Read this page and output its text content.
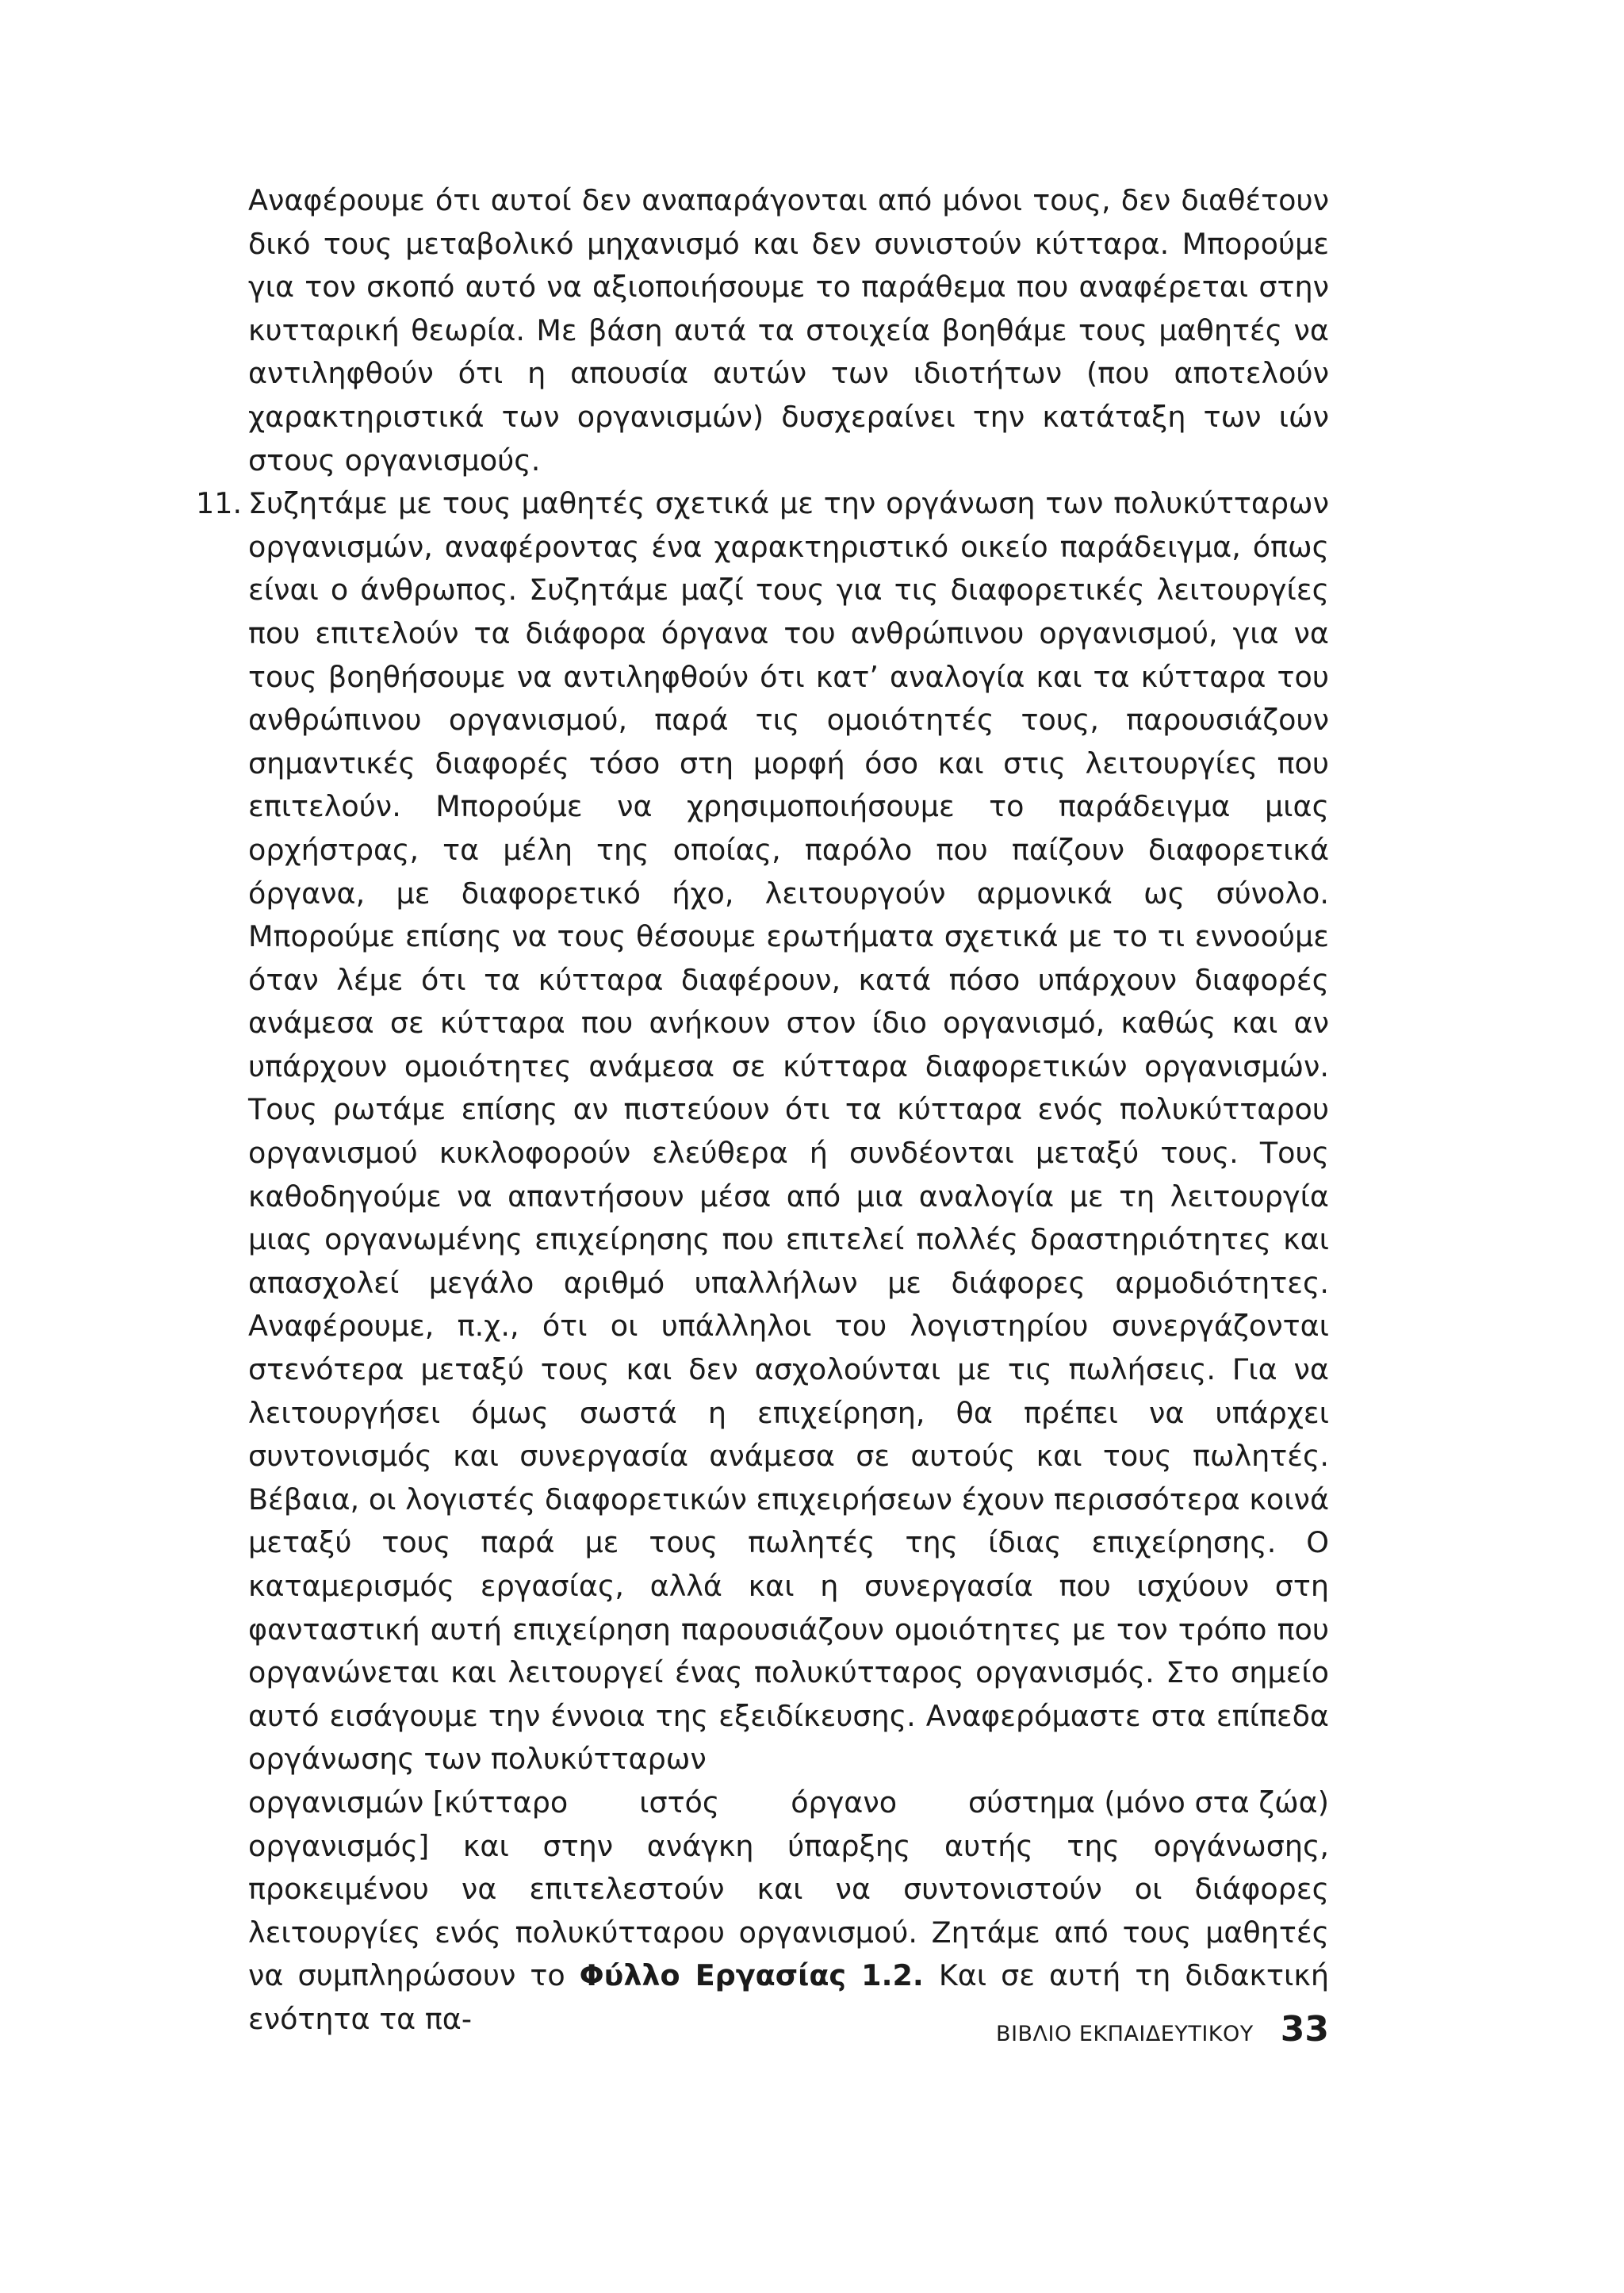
Αναφέρουμε ότι αυτοί δεν αναπαράγονται από μόνοι τους, δεν διαθέτουν δικό τους μεταβολικό μηχανισμό και δεν συνιστούν κύτταρα. Μπορούμε για τον σκοπό αυτό να αξιοποιήσουμε το παράθεμα που αναφέρεται στην κυτταρική θεωρία. Με βάση αυτά τα στοιχεία βοηθάμε τους μαθητές να αντιληφθούν ότι η απουσία αυτών των ιδιοτήτων (που αποτελούν χαρακτηριστικά των οργανισμών) δυσχεραίνει την κατάταξη των ιών στους οργανισμούς.

11. Συζητάμε με τους μαθητές σχετικά με την οργάνωση των πολυκύτταρων οργανισμών, αναφέροντας ένα χαρακτηριστικό οικείο παράδειγμα, όπως είναι ο άνθρωπος. Συζητάμε μαζί τους για τις διαφορετικές λειτουργίες που επιτελούν τα διάφορα όργανα του ανθρώπινου οργανισμού, για να τους βοηθήσουμε να αντιληφθούν ότι κατ’ αναλογία και τα κύτταρα του ανθρώπινου οργανισμού, παρά τις ομοιότητές τους, παρουσιάζουν σημαντικές διαφορές τόσο στη μορφή όσο και στις λειτουργίες που επιτελούν. Μπορούμε να χρησιμοποιήσουμε το παράδειγμα μιας ορχήστρας, τα μέλη της οποίας, παρόλο που παίζουν διαφορετικά όργανα, με διαφορετικό ήχο, λειτουργούν αρμονικά ως σύνολο. Μπορούμε επίσης να τους θέσουμε ερωτήματα σχετικά με το τι εννοούμε όταν λέμε ότι τα κύτταρα διαφέρουν, κατά πόσο υπάρχουν διαφορές ανάμεσα σε κύτταρα που ανήκουν στον ίδιο οργανισμό, καθώς και αν υπάρχουν ομοιότητες ανάμεσα σε κύτταρα διαφορετικών οργανισμών. Τους ρωτάμε επίσης αν πιστεύουν ότι τα κύτταρα ενός πολυκύτταρου οργανισμού κυκλοφορούν ελεύθερα ή συνδέονται μεταξύ τους. Τους καθοδηγούμε να απαντήσουν μέσα από μια αναλογία με τη λειτουργία μιας οργανωμένης επιχείρησης που επιτελεί πολλές δραστηριότητες και απασχολεί μεγάλο αριθμό υπαλλήλων με διάφορες αρμοδιότητες. Αναφέρουμε, π.χ., ότι οι υπάλληλοι του λογιστηρίου συνεργάζονται στενότερα μεταξύ τους και δεν ασχολούνται με τις πωλήσεις. Για να λειτουργήσει όμως σωστά η επιχείρηση, θα πρέπει να υπάρχει συντονισμός και συνεργασία ανάμεσα σε αυτούς και τους πωλητές. Βέβαια, οι λογιστές διαφορετικών επιχειρήσεων έχουν περισσότερα κοινά μεταξύ τους παρά με τους πωλητές της ίδιας επιχείρησης. Ο καταμερισμός εργασίας, αλλά και η συνεργασία που ισχύουν στη φανταστική αυτή επιχείρηση παρουσιάζουν ομοιότητες με τον τρόπο που οργανώνεται και λειτουργεί ένας πολυκύτταρος οργανισμός. Στο σημείο αυτό εισάγουμε την έννοια της εξειδίκευσης. Αναφερόμαστε στα επίπεδα οργάνωσης των πολυκύτταρων
οργανισμών [κύτταρο ιστός όργανο σύστημα (μόνο στα ζώα)
οργανισμός] και στην ανάγκη ύπαρξης αυτής της οργάνωσης, προκειμένου να επιτελεστούν και να συντονιστούν οι διάφορες λειτουργίες ενός πολυκύτταρου οργανισμού. Ζητάμε από τους μαθητές να συμπληρώσουν το Φύλλο Εργασίας 1.2. Και σε αυτή τη διδακτική ενότητα τα πα-	ΒΙΒΛΙΟ ΕΚΠΑΙΔΕΥΤΙΚΟΥ 33
